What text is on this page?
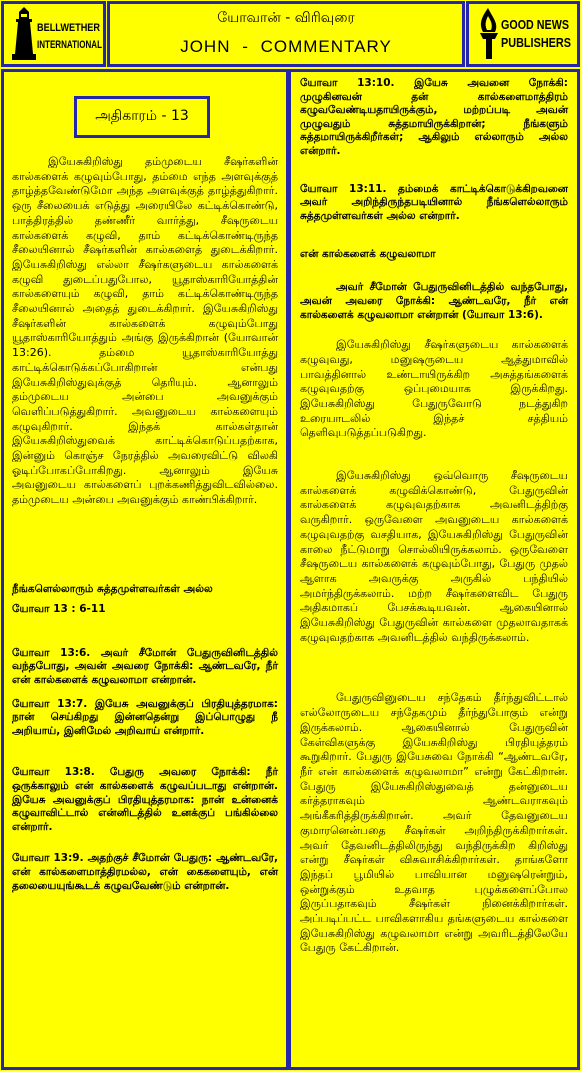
BELLWETHER
INTERNATIONAL
யோவான் - விரிவுரை
JOHN - COMMENTARY
GOOD NEWS
PUBLISHERS
அதிகாரம் - 13

இயேசுகிறிஸ்து தம்முடைய சீஷர்களின் கால்களைக் கழுவும்போது, தம்மை எந்த அளவுக்குத் தாழ்த்தவேண்டுமோ அந்த அளவுக்குத் தாழ்த்துகிறார். ஒரு சீலையைக் எடுத்து அரையிலே கட்டிக்கொண்டு, பாத்திரத்தில் தண்ணீர் வார்த்து, சீஷருடைய கால்களைக் கழுவி, தாம் கட்டிக்கொண்டிருந்த சீலையினால் சீஷர்களின் கால்களைத் துடைக்கிறார். இயேசுகிறிஸ்து எல்லா சீஷர்களுடைய கால்களைக் கழுவி துடைப்பதுபோல, யூதாஸ்காரியோத்தின் கால்களையும் கழுவி, தாம் கட்டிக்கொண்டிருந்த சீலையினால் அதைத் துடைக்கிறார். இயேசுகிறிஸ்து சீஷர்களின் கால்களைக் கழுவும்போது யூதாஸ்காரியோத்தும் அங்கு இருக்கிறான் (யோவான் 13:26). தம்மை யூதாஸ்காரியோத்து காட்டிக்கொடுக்கப்போகிறான் என்பது இயேசுகிறிஸ்துவுக்குத் தெரியும். ஆனாலும் தம்முடைய அன்பை அவனுக்கும் வெளிப்படுத்துகிறார். அவனுடைய கால்களையும் கழுவுகிறார். இந்தக் கால்கள்தான் இயேசுகிறிஸ்துவைக் காட்டிக்கொடுப்பதற்காக, இன்னும் கொஞ்ச நேரத்தில் அவரைவிட்டு விலகி ஓடிப்போகப்போகிறது. ஆனாலும் இயேசு அவனுடைய கால்களைப் புறக்கணித்துவிடவில்லை. தம்முடைய அன்பை அவனுக்கும் காண்பிக்கிறார்.

நீங்களெல்லாரும் சுத்தமுள்ளவர்கள் அல்ல

யோவா 13 : 6-11

யோவா 13:6. அவர் சீமோன் பேதுருவினிடத்தில் வந்தபோது, அவன் அவரை நோக்கி: ஆண்டவரே, நீர் என் கால்களைக் கழுவலாமா என்றான்.

யோவா 13:7. இயேசு அவனுக்குப் பிரதியுத்தரமாக: நான் செய்கிறது இன்னதென்று இப்பொழுது நீ அறியாய், இனிமேல் அறிவாய் என்றார்.

யோவா 13:8. பேதுரு அவரை நோக்கி: நீர் ஒருக்காலும் என் கால்களைக் கழுவப்படாது என்றான். இயேசு அவனுக்குப் பிரதியுத்தரமாக: நான் உன்னைக் கழுவாவிட்டால் என்னிடத்தில் உனக்குப் பங்கில்லை என்றார்.

யோவா 13:9. அதற்குச் சீமோன் பேதுரு: ஆண்டவரே, என் கால்களைமாத்திரமல்ல, என் கைகளையும், என் தலையையுங்கூடக் கழுவவேண்டும் என்றான்.

யோவா 13:10. இயேசு அவனை நோக்கி: முழுகினவன் தன் கால்களைமாத்திரம் கழுவவேண்டியதாயிருக்கும், மற்றப்படி அவன் முழுவதும் சுத்தமாயிருக்கிறான்; நீங்களும் சுத்தமாயிருக்கிறீர்கள்; ஆகிலும் எல்லாரும் அல்ல என்றார்.

யோவா 13:11. தம்மைக் காட்டிக்கொடுக்கிறவனை அவர் அறிந்திருந்தபடியினால் நீங்களெல்லாரும் சுத்தமுள்ளவர்கள் அல்ல என்றார்.

என் கால்களைக் கழுவலாமா

அவர் சீமோன் பேதுருவினிடத்தில் வந்தபோது, அவன் அவரை நோக்கி: ஆண்டவரே, நீர் என் கால்களைக் கழுவலாமா என்றான் (யோவா 13:6).

இயேசுகிறிஸ்து சீஷர்களுடைய கால்களைக் கழுவுவது, மனுஷருடைய ஆத்துமாவில் பாவத்தினால் உண்டாயிருக்கிற அசுத்தங்களைக் கழுவுவதற்கு ஒப்புமையாக இருக்கிறது. இயேசுகிறிஸ்து பேதுருவோடு நடத்துகிற உரையாடலில் இந்தச் சத்தியம் தெளிவுபடுத்தப்படுகிறது.

இயேசுகிறிஸ்து ஒவ்வொரு சீஷருடைய கால்களைக் கழுவிக்கொண்டு, பேதுருவின் கால்களைக் கழுவுவதற்காக அவனிடத்திற்கு வருகிறார். ஒருவேளை அவனுடைய கால்களைக் கழுவுவதற்கு வசதியாக, இயேசுகிறிஸ்து பேதுருவின் காலை நீட்டுமாறு சொல்லியிருக்கலாம். ஒருவேளை சீஷருடைய கால்களைக் கழுவும்போது, பேதுரு முதல் ஆளாக அவருக்கு அருகில் பந்தியில் அமர்ந்திருக்கலாம். மற்ற சீஷர்களைவிட பேதுரு அதிகமாகப் பேசக்கூடியவன். ஆகையினால் இயேசுகிறிஸ்து பேதுருவின் கால்களை முதலாவதாகக் கழுவுவதற்காக அவனிடத்தில் வந்திருக்கலாம்.

பேதுருவினுடைய சந்தேகம் தீர்ந்துவிட்டால் எல்லோருடைய சந்தேகமும் தீர்ந்துபோகும் என்று இருக்கலாம். ஆகையினால் பேதுருவின் கேள்விகளுக்கு இயேசுகிறிஸ்து பிரதியுத்தரம் கூறுகிறார். பேதுரு இயேசுவை நோக்கி “ஆண்டவரே, நீர் என் கால்களைக் கழுவலாமா” என்று கேட்கிறான். பேதுரு இயேசுகிறிஸ்துவைத் தன்னுடைய கர்த்தராகவும் ஆண்டவராகவும் அங்கீகரித்திருக்கிறான். அவர் தேவனுடைய குமாரனென்பதை சீஷர்கள் அறிந்திருக்கிறார்கள். அவர் தேவனிடத்திலிருந்து வந்திருக்கிற கிறிஸ்து என்று சீஷர்கள் விசுவாசிக்கிறார்கள். தாங்களோ இந்தப் பூமியில் பாவியான மனுஷரென்றும், ஒன்றுக்கும் உதவாத புழுக்களைப்போல இருப்பதாகவும் சீஷர்கள் நினைக்கிறார்கள். அப்படிப்பட்ட பாவிகளாகிய தங்களுடைய கால்களை இயேசுகிறிஸ்து கழுவலாமா என்று அவரிடத்திலேயே பேதுரு கேட்கிறான்.
